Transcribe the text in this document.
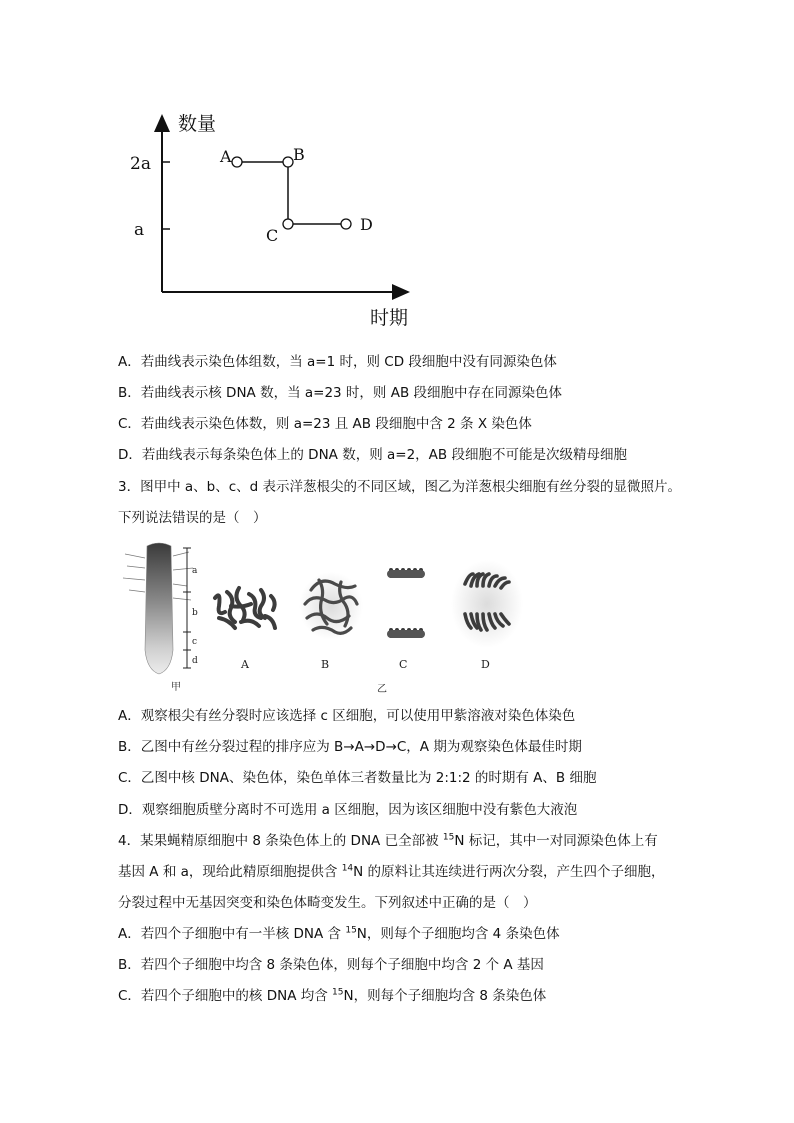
数量
时期
2a
a
A	B
C
D
A．若曲线表示染色体组数，当 a=1 时，则 CD 段细胞中没有同源染色体
B．若曲线表示核 DNA 数，当 a=23 时，则 AB 段细胞中存在同源染色体
C．若曲线表示染色体数，则 a=23 且 AB 段细胞中含 2 条 X 染色体
D．若曲线表示每条染色体上的 DNA 数，则 a=2，AB 段细胞不可能是次级精母细胞
3．图甲中 a、b、c、d 表示洋葱根尖的不同区域，图乙为洋葱根尖细胞有丝分裂的显微照片。
下列说法错误的是（　）
a
b
c
d	A	B	C	D
甲	乙
A．观察根尖有丝分裂时应该选择 c 区细胞，可以使用甲紫溶液对染色体染色
B．乙图中有丝分裂过程的排序应为 B→A→D→C，A 期为观察染色体最佳时期
C．乙图中核 DNA、染色体，染色单体三者数量比为 2:1:2 的时期有 A、B 细胞
D．观察细胞质壁分离时不可选用 a 区细胞，因为该区细胞中没有紫色大液泡
4．某果蝇精原细胞中 8 条染色体上的 DNA 已全部被 $^{15}$N 标记，其中一对同源染色体上有
基因 A 和 a，现给此精原细胞提供含 $^{14}$N 的原料让其连续进行两次分裂，产生四个子细胞，
分裂过程中无基因突变和染色体畸变发生。下列叙述中正确的是（　）
A．若四个子细胞中有一半核 DNA 含 $^{15}$N，则每个子细胞均含 4 条染色体
B．若四个子细胞中均含 8 条染色体，则每个子细胞中均含 2 个 A 基因
C．若四个子细胞中的核 DNA 均含 $^{15}$N，则每个子细胞均含 8 条染色体
